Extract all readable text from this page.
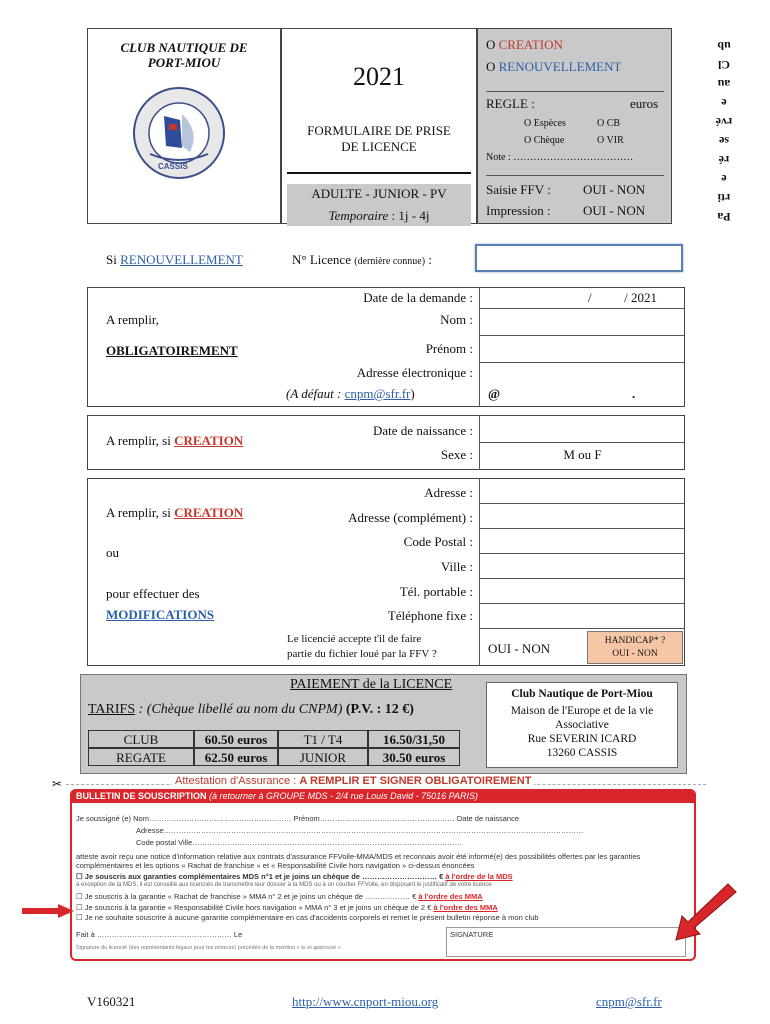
CLUB NAUTIQUE DE
PORT-MIOU
CASSIS
2021
FORMULAIRE DE PRISE
DE LICENCE
ADULTE - JUNIOR - PV
Temporaire : 1j - 4j
O CREATION
O RENOUVELLEMENT
REGLE :	euros
O Espèces	O CB
O Chèque	O VIR
Note : ………………………………
Saisie FFV : OUI - NON
Impression : OUI - NON	Pa
rti
e
ré
se
rvé
e
au
Cl
ub
Si RENOUVELLEMENT	N° Licence (dernière connue) :
A remplir,
OBLIGATOIREMENT
Date de la demande :	/          / 2021
Nom :
Prénom :
Adresse électronique :
(A défaut : cnpm@sfr.fr)	@	.
A remplir, si CREATION
Date de naissance :
Sexe :	M ou F
A remplir, si CREATION
ou
pour effectuer des
MODIFICATIONS
Adresse :
Adresse (complément) :
Code Postal :
Ville :
Tél. portable :
Téléphone fixe :
Le licencié accepte t'il de faire
partie du fichier loué par la FFV ?	OUI - NON	HANDICAP* ?
OUI - NON
PAIEMENT de la LICENCE
TARIFS : (Chèque libellé au nom du CNPM) (P.V. : 12 €)
CLUB	60.50 euros	T1 / T4	16.50/31,50
REGATE	62.50 euros	JUNIOR	30.50 euros
Club Nautique de Port-Miou
Maison de l'Europe et de la vie
Associative
Rue SEVERIN ICARD
13260 CASSIS
✂	Attestation d'Assurance : A REMPLIR ET SIGNER OBLIGATOIREMENT
BULLETIN DE SOUSCRIPTION (à retourner à GROUPE MDS - 2/4 rue Louis David - 75016 PARIS)
Je soussigné (e) Nom………………………………………………… Prénom……………………………………………… Date de naissance
Adresse……………………………………………………………………………………………………………………………………………………
Code postal Ville………………………………………………………………………………………………
atteste avoir reçu une notice d'information relative aux contrats d'assurance FFVoile-MMA/MDS et reconnais avoir été informé(e) des possibilités offertes par les garanties
complémentaires et les options « Rachat de franchise » et « Responsabilité Civile hors navigation » ci-dessus énoncées
☐ Je souscris aux garanties complémentaires MDS n°1 et je joins un chèque de ………………………… € à l'ordre de la MDS
à exception de la MDS, il est conseillé aux licenciés de transmettre leur dossier à la MDS ou à un courtier FFVoile, en disposant le justificatif de votre licence
☐ Je souscris à la garantie « Rachat de franchise » MMA n° 2 et je joins un chèque de ……………… € à l'ordre des MMA
☐ Je souscris à la garantie « Responsabilité Civile hors navigation » MMA n° 3 et je joins un chèque de 2 € à l'ordre des MMA
☐ Je ne souhaite souscrire à aucune garantie complémentaire en cas d'accidents corporels et remet le présent bulletin réponse à mon club
Fait à ……………………………………………… Le	SIGNATURE
Signature du licencié (des représentants légaux pour les mineurs) précédée de la mention « lu et approuvé »
V160321	http://www.cnport-miou.org	cnpm@sfr.fr
